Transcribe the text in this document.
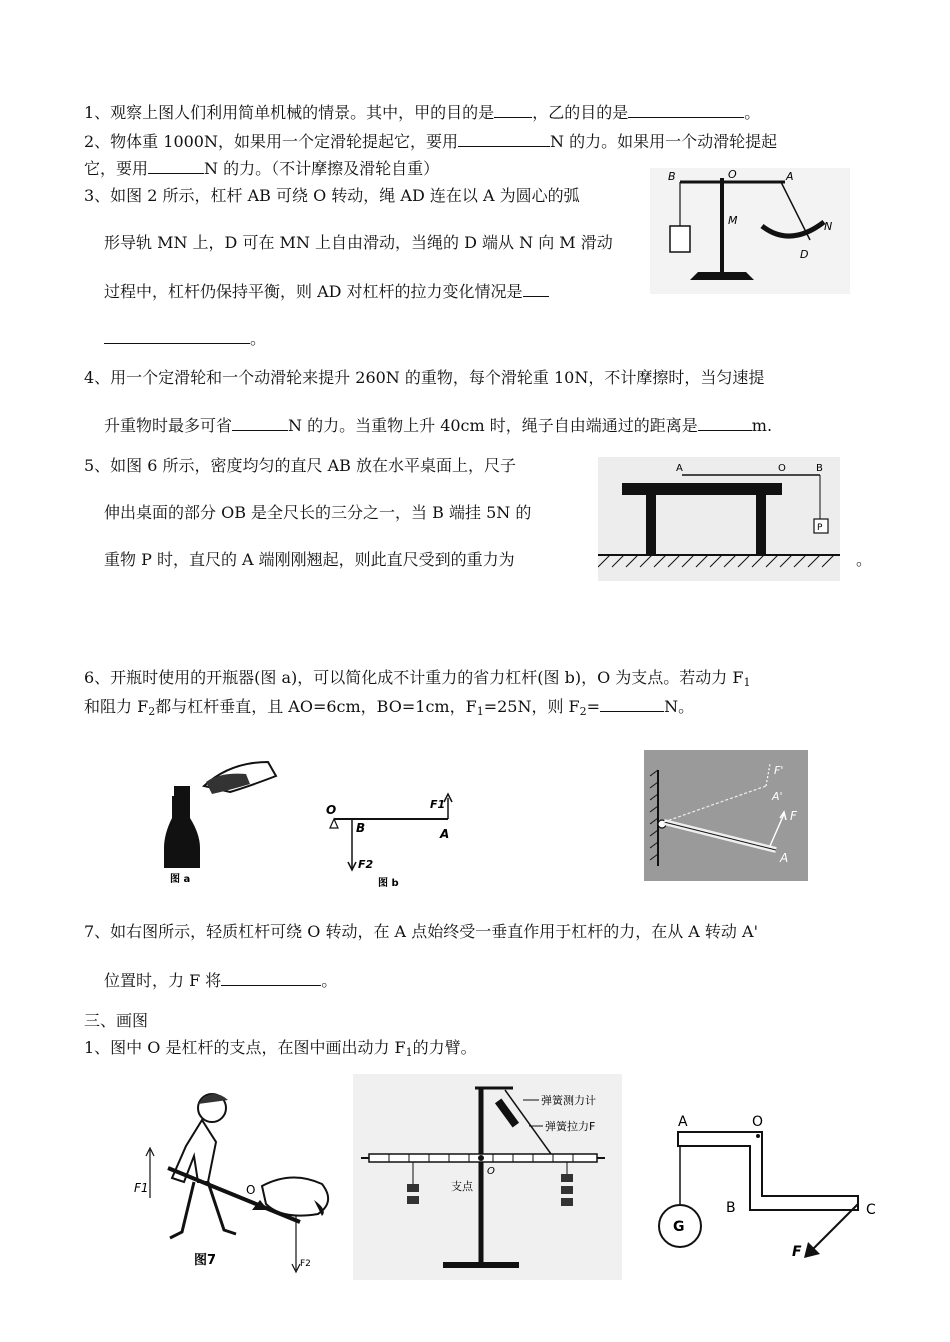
1、观察上图人们利用简单机械的情景。其中，甲的目的是 ，乙的目的是	。
2、物体重 1000N，如果用一个定滑轮提起它，要用	N 的力。如果用一个动滑轮提起
它，要用	N 的力。（不计摩擦及滑轮自重）
3、如图 2 所示，杠杆 AB 可绕 O 转动，绳 AD 连在以 A 为圆心的弧
形导轨 MN 上，D 可在 MN 上自由滑动，当绳的 D 端从 N 向 M 滑动
过程中，杠杆仍保持平衡，则 AD 对杠杆的拉力变化情况是
。
B	O	A
M	N
D
4、用一个定滑轮和一个动滑轮来提升 260N 的重物，每个滑轮重 10N，不计摩擦时，当匀速提
升重物时最多可省	N 的力。当重物上升 40cm 时，绳子自由端通过的距离是	m.
5、如图 6 所示，密度均匀的直尺 AB 放在水平桌面上，尺子
伸出桌面的部分 OB 是全尺长的三分之一，当 B 端挂 5N 的
重物 P 时，直尺的 A 端刚刚翘起，则此直尺受到的重力为	。
A	O	B
P
6、开瓶时使用的开瓶器(图 a)，可以简化成不计重力的省力杠杆(图 b)，O 为支点。若动力 $F_1$
和阻力 $F_2$都与杠杆垂直，且 AO=6cm，BO=1cm，$F_1=25N$，则 $F_2=$	N。
图 a
O
B	A
F1
F2
图 b
F'
A'
F
A
7、如右图所示，轻质杠杆可绕 O 转动，在 A 点始终受一垂直作用于杠杆的力，在从 A 转动 A'
位置时，力 F 将	。
三、画图
1、图中 O 是杠杆的支点，在图中画出动力 $F_1$的力臂。
F1	O
F2
图7
弹簧测力计
弹簧拉力F
支点
O
A	O
B	C
G
F
